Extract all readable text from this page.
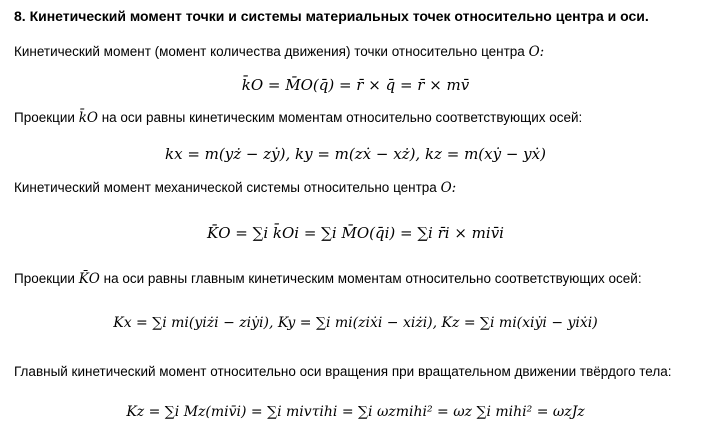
8. Кинетический момент точки и системы материальных точек относительно центра и оси.
Кинетический момент (момент количества движения) точки относительно центра O:
k̄O = M̄O(q̄) = r̄ × q̄ = r̄ × mv̄
Проекции k̄O на оси равны кинетическим моментам относительно соответствующих осей:
kx = m(yż − zẏ), ky = m(zẋ − xż), kz = m(xẏ − yẋ)
Кинетический момент механической системы относительно центра O:
K̄O = ∑i k̄Oi = ∑i M̄O(q̄i) = ∑i r̄i × miv̄i
Проекции K̄O на оси равны главным кинетическим моментам относительно соответствующих осей:
Kx = ∑i mi(yiżi − ziẏi), Ky = ∑i mi(ziẋi − xiżi), Kz = ∑i mi(xiẏi − yiẋi)
Главный кинетический момент относительно оси вращения при вращательном движении твёрдого тела:
Kz = ∑i Mz(miv̄i) = ∑i mivτihi = ∑i ωzmihi² = ωz ∑i mihi² = ωzJz
